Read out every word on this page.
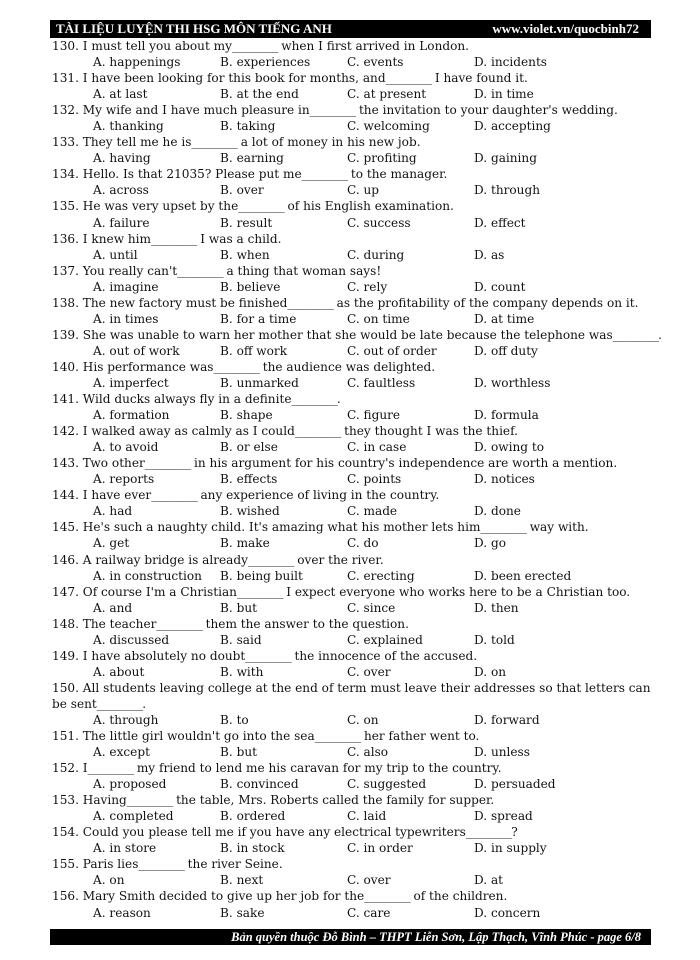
TÀI LIỆU LUYỆN THI HSG MÔN TIẾNG ANH	www.violet.vn/quocbinh72
130. I must tell you about my_________ when I first arrived in London.
A. happenings	B. experiences	C. events	D. incidents
131. I have been looking for this book for months, and_________ I have found it.
A. at last	B. at the end	C. at present	D. in time
132. My wife and I have much pleasure in_________ the invitation to your daughter's wedding.
A. thanking	B. taking	C. welcoming	D. accepting
133. They tell me he is_________ a lot of money in his new job.
A. having	B. earning	C. profiting	D. gaining
134. Hello. Is that 21035? Please put me_________ to the manager.
A. across	B. over	C. up	D. through
135. He was very upset by the_________ of his English examination.
A. failure	B. result	C. success	D. effect
136. I knew him_________ I was a child.
A. until	B. when	C. during	D. as
137. You really can't_________ a thing that woman says!
A. imagine	B. believe	C. rely	D. count
138. The new factory must be finished_________ as the profitability of the company depends on it.
A. in times	B. for a time	C. on time	D. at time
139. She was unable to warn her mother that she would be late because the telephone was_________.
A. out of work	B. off work	C. out of order	D. off duty
140. His performance was_________ the audience was delighted.
A. imperfect	B. unmarked	C. faultless	D. worthless
141. Wild ducks always fly in a definite_________.
A. formation	B. shape	C. figure	D. formula
142. I walked away as calmly as I could_________ they thought I was the thief.
A. to avoid	B. or else	C. in case	D. owing to
143. Two other_________ in his argument for his country's independence are worth a mention.
A. reports	B. effects	C. points	D. notices
144. I have ever_________ any experience of living in the country.
A. had	B. wished	C. made	D. done
145. He's such a naughty child. It's amazing what his mother lets him_________ way with.
A. get	B. make	C. do	D. go
146. A railway bridge is already_________ over the river.
A. in construction B. being built	C. erecting	D. been erected
147. Of course I'm a Christian_________ I expect everyone who works here to be a Christian too.
A. and	B. but	C. since	D. then
148. The teacher_________ them the answer to the question.
A. discussed	B. said	C. explained	D. told
149. I have absolutely no doubt_________ the innocence of the accused.
A. about	B. with	C. over	D. on
150. All students leaving college at the end of term must leave their addresses so that letters can be sent_________.
A. through	B. to	C. on	D. forward
151. The little girl wouldn't go into the sea_________ her father went to.
A. except	B. but	C. also	D. unless
152. I_________ my friend to lend me his caravan for my trip to the country.
A. proposed	B. convinced	C. suggested	D. persuaded
153. Having_________ the table, Mrs. Roberts called the family for supper.
A. completed	B. ordered	C. laid	D. spread
154. Could you please tell me if you have any electrical typewriters_________?
A. in store	B. in stock	C. in order	D. in supply
155. Paris lies_________ the river Seine.
A. on	B. next	C. over	D. at
156. Mary Smith decided to give up her job for the_________ of the children.
A. reason	B. sake	C. care	D. concern
Bản quyền thuộc Đỗ Bình – THPT Liễn Sơn, Lập Thạch, Vĩnh Phúc - page 6/8
